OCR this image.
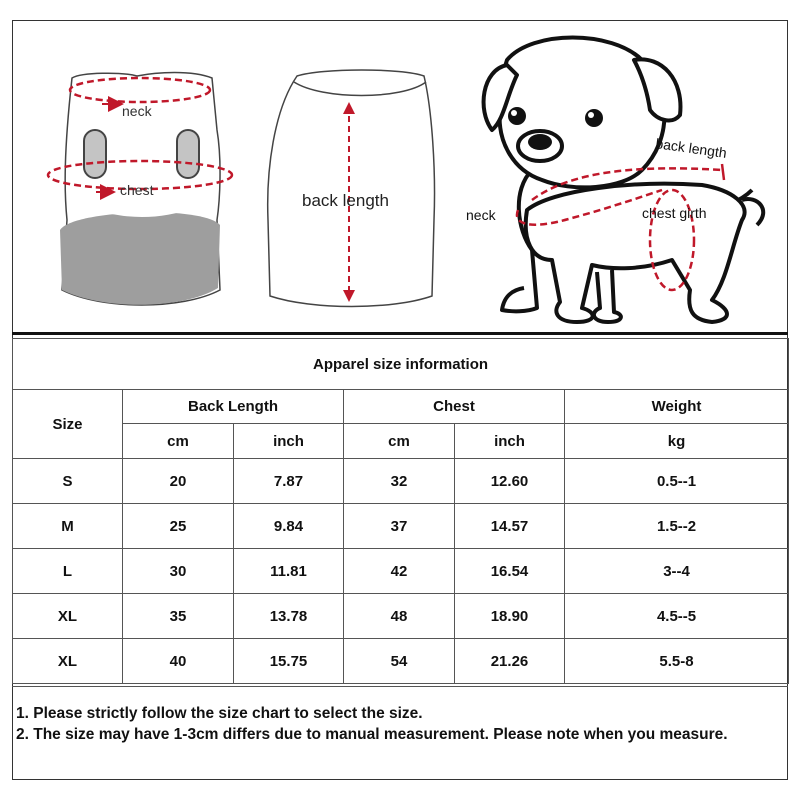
neck
chest
back length
back length
neck	chest girth
Apparel size information					
Size	Back Length		Chest		Weight
	cm	inch	cm	inch	kg
S	20	7.87	32	12.60	0.5--1
M	25	9.84	37	14.57	1.5--2
L	30	11.81	42	16.54	3--4
XL	35	13.78	48	18.90	4.5--5
XL	40	15.75	54	21.26	5.5-8
1. Please strictly follow the size chart to select the size.
2. The size may have 1-3cm differs due to manual measurement. Please note when you measure.
